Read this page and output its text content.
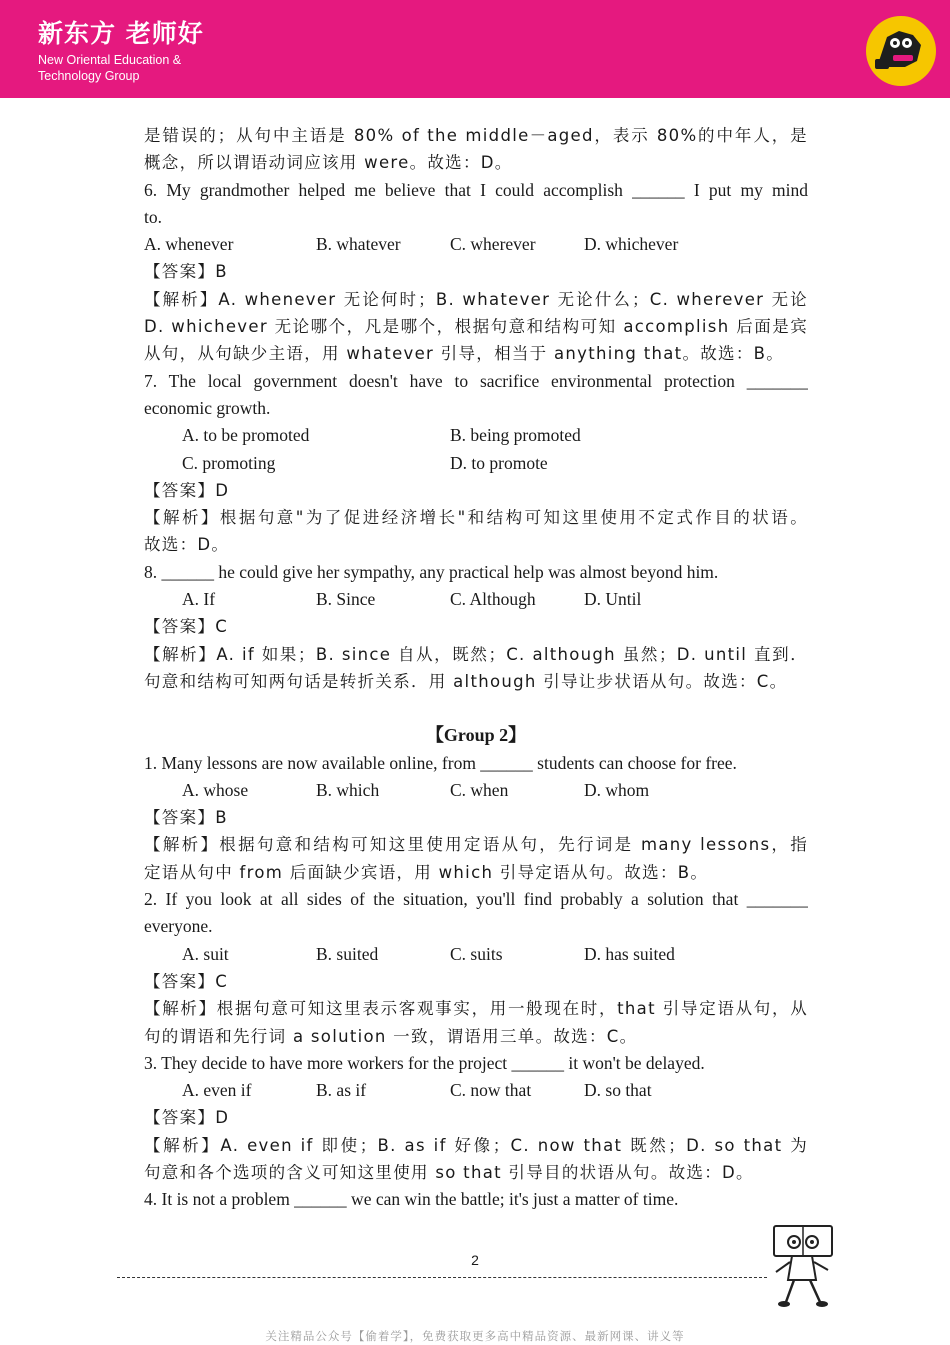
新东方 老师好
New Oriental Education &
Technology Group
是错误的；从句中主语是 80% of the middle－aged，表示 80%的中年人，是
概念，所以谓语动词应该用 were。故选：D。
6. My grandmother helped me believe that I could accomplish ______ I put my mind
to.
A. whenever	B. whatever	C. wherever	D. whichever
【答案】B
【解析】A. whenever 无论何时；B. whatever 无论什么；C. wherever 无论
D. whichever 无论哪个，凡是哪个，根据句意和结构可知 accomplish 后面是宾
从句，从句缺少主语，用 whatever 引导，相当于 anything that。故选：B。
7. The local government doesn't have to sacrifice environmental protection _______
economic growth.
A. to be promoted	B. being promoted
C. promoting	D. to promote
【答案】D
【解析】根据句意"为了促进经济增长"和结构可知这里使用不定式作目的状语。
故选：D。
8. ______ he could give her sympathy, any practical help was almost beyond him.
A. If	B. Since	C. Although	D. Until
【答案】C
【解析】A. if 如果；B. since 自从，既然；C. although 虽然；D. until 直到．
句意和结构可知两句话是转折关系．用 although 引导让步状语从句。故选：C。
【Group 2】
1. Many lessons are now available online, from ______ students can choose for free.
A. whose	B. which	C. when	D. whom
【答案】B
【解析】根据句意和结构可知这里使用定语从句，先行词是 many lessons，指
定语从句中 from 后面缺少宾语，用 which 引导定语从句。故选：B。
2. If you look at all sides of the situation, you'll find probably a solution that _______
everyone.
A. suit	B. suited	C. suits	D. has suited
【答案】C
【解析】根据句意可知这里表示客观事实，用一般现在时，that 引导定语从句，从
句的谓语和先行词 a solution 一致，谓语用三单。故选：C。
3. They decide to have more workers for the project ______ it won't be delayed.
A. even if	B. as if	C. now that	D. so that
【答案】D
【解析】A. even if 即使；B. as if 好像；C. now that 既然；D. so that 为
句意和各个选项的含义可知这里使用 so that 引导目的状语从句。故选：D。
4. It is not a problem ______ we can win the battle; it's just a matter of time.
2
关注精品公众号【偷着学】，免费获取更多高中精品资源、最新网课、讲义等
